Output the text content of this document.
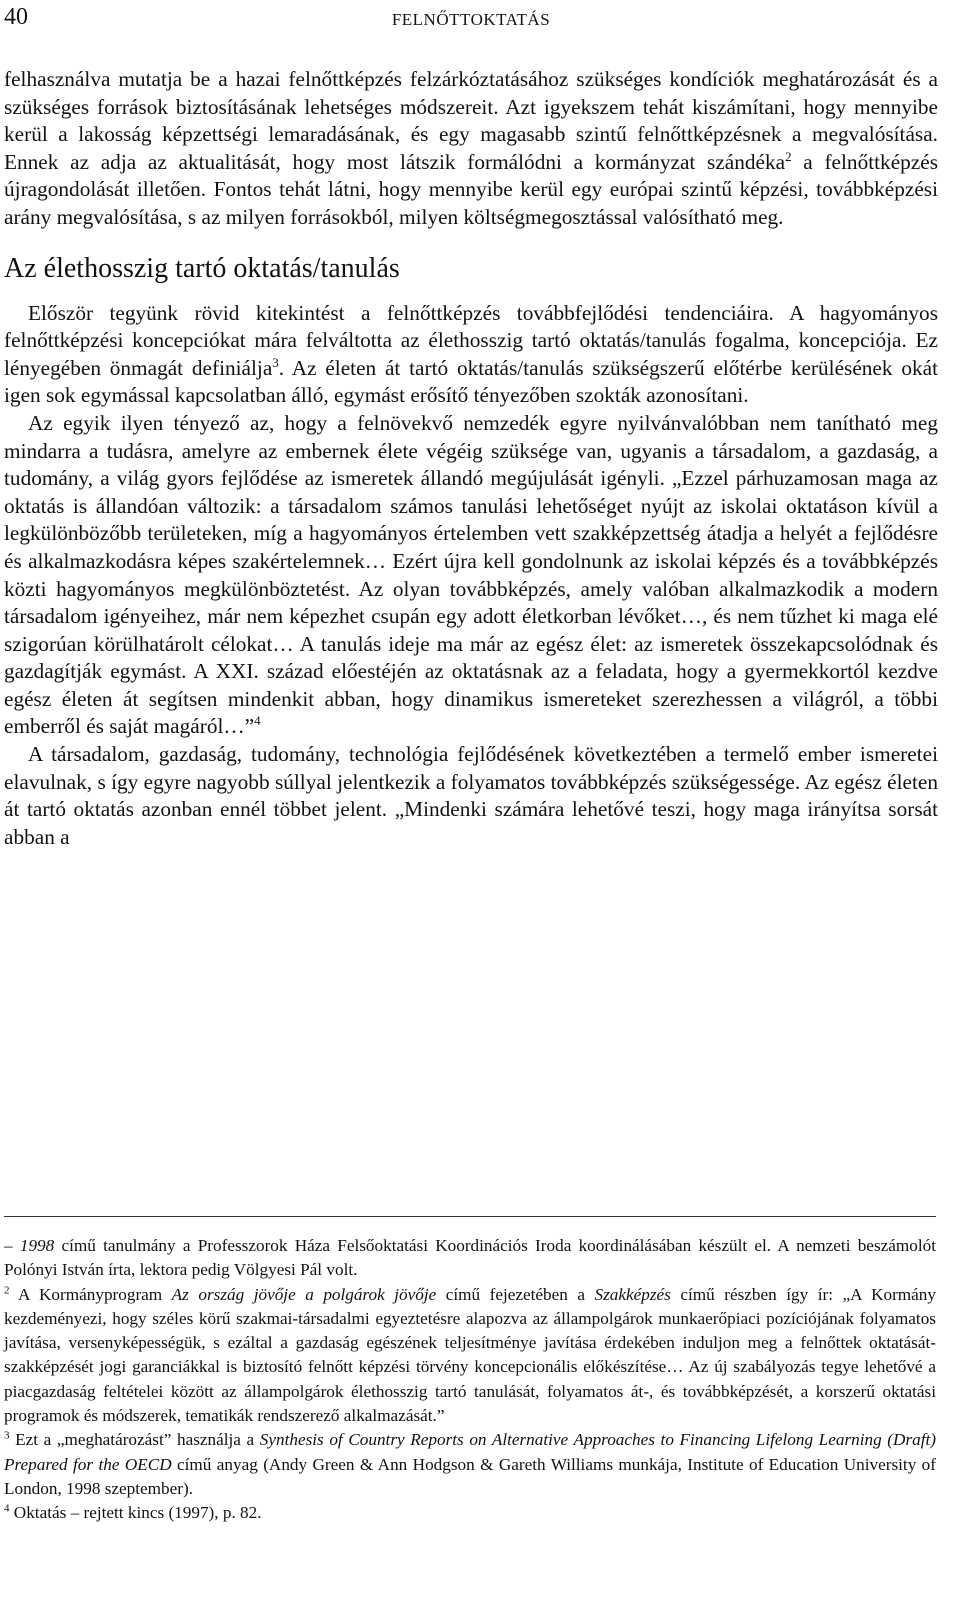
40	FELNŐTTOKTATÁS

felhasználva mutatja be a hazai felnőttképzés felzárkóztatásához szükséges kondíciók meghatározását és a szükséges források biztosításának lehetséges módszereit. Azt igyekszem tehát kiszámítani, hogy mennyibe kerül a lakosság képzettségi lemaradásának, és egy magasabb szintű felnőttképzésnek a megvalósítása. Ennek az adja az aktualitását, hogy most látszik formálódni a kormányzat szándéka$^2$ a felnőttképzés újragondolását illetően. Fontos tehát látni, hogy mennyibe kerül egy európai szintű képzési, továbbképzési arány megvalósítása, s az milyen forrásokból, milyen költségmegosztással valósítható meg.

Az élethosszig tartó oktatás/tanulás

Először tegyünk rövid kitekintést a felnőttképzés továbbfejlődési tendenciáira. A hagyományos felnőttképzési koncepciókat mára felváltotta az élethosszig tartó oktatás/tanulás fogalma, koncepciója. Ez lényegében önmagát definiálja$^3$. Az életen át tartó oktatás/tanulás szükségszerű előtérbe kerülésének okát igen sok egymással kapcsolatban álló, egymást erősítő tényezőben szokták azonosítani.

Az egyik ilyen tényező az, hogy a felnövekvő nemzedék egyre nyilvánvalóbban nem tanítható meg mindarra a tudásra, amelyre az embernek élete végéig szüksége van, ugyanis a társadalom, a gazdaság, a tudomány, a világ gyors fejlődése az ismeretek állandó megújulását igényli. „Ezzel párhuzamosan maga az oktatás is állandóan változik: a társadalom számos tanulási lehetőséget nyújt az iskolai oktatáson kívül a legkülönbözőbb területeken, míg a hagyományos értelemben vett szakképzettség átadja a helyét a fejlődésre és alkalmazkodásra képes szakértelemnek… Ezért újra kell gondolnunk az iskolai képzés és a továbbképzés közti hagyományos megkülönböztetést. Az olyan továbbképzés, amely valóban alkalmazkodik a modern társadalom igényeihez, már nem képezhet csupán egy adott életkorban lévőket…, és nem tűzhet ki maga elé szigorúan körülhatárolt célokat… A tanulás ideje ma már az egész élet: az ismeretek összekapcsolódnak és gazdagítják egymást. A XXI. század előestéjén az oktatásnak az a feladata, hogy a gyermekkortól kezdve egész életen át segítsen mindenkit abban, hogy dinamikus ismereteket szerezhessen a világról, a többi emberről és saját magáról…”$^4$

A társadalom, gazdaság, tudomány, technológia fejlődésének következtében a termelő ember ismeretei elavulnak, s így egyre nagyobb súllyal jelentkezik a folyamatos továbbképzés szükségessége. Az egész életen át tartó oktatás azonban ennél többet jelent. „Mindenki számára lehetővé teszi, hogy maga irányítsa sorsát abban a

– 1998 című tanulmány a Professzorok Háza Felsőoktatási Koordinációs Iroda koordinálásában készült el. A nemzeti beszámolót Polónyi István írta, lektora pedig Völgyesi Pál volt.

$^2$ A Kormányprogram Az ország jövője a polgárok jövője című fejezetében a Szakképzés című részben így ír: „A Kormány kezdeményezi, hogy széles körű szakmai-társadalmi egyeztetésre alapozva az állampolgárok munkaerőpiaci pozíciójának folyamatos javítása, versenyképességük, s ezáltal a gazdaság egészének teljesítménye javítása érdekében induljon meg a felnőttek oktatását-szakképzését jogi garanciákkal is biztosító felnőtt képzési törvény koncepcionális előkészítése… Az új szabályozás tegye lehetővé a piacgazdaság feltételei között az állampolgárok élethosszig tartó tanulását, folyamatos át-, és továbbképzését, a korszerű oktatási programok és módszerek, tematikák rendszerező alkalmazását.”

$^3$ Ezt a „meghatározást” használja a Synthesis of Country Reports on Alternative Approaches to Financing Lifelong Learning (Draft) Prepared for the OECD című anyag (Andy Green & Ann Hodgson & Gareth Williams munkája, Institute of Education University of London, 1998 szeptember).

$^4$ Oktatás – rejtett kincs (1997), p. 82.
